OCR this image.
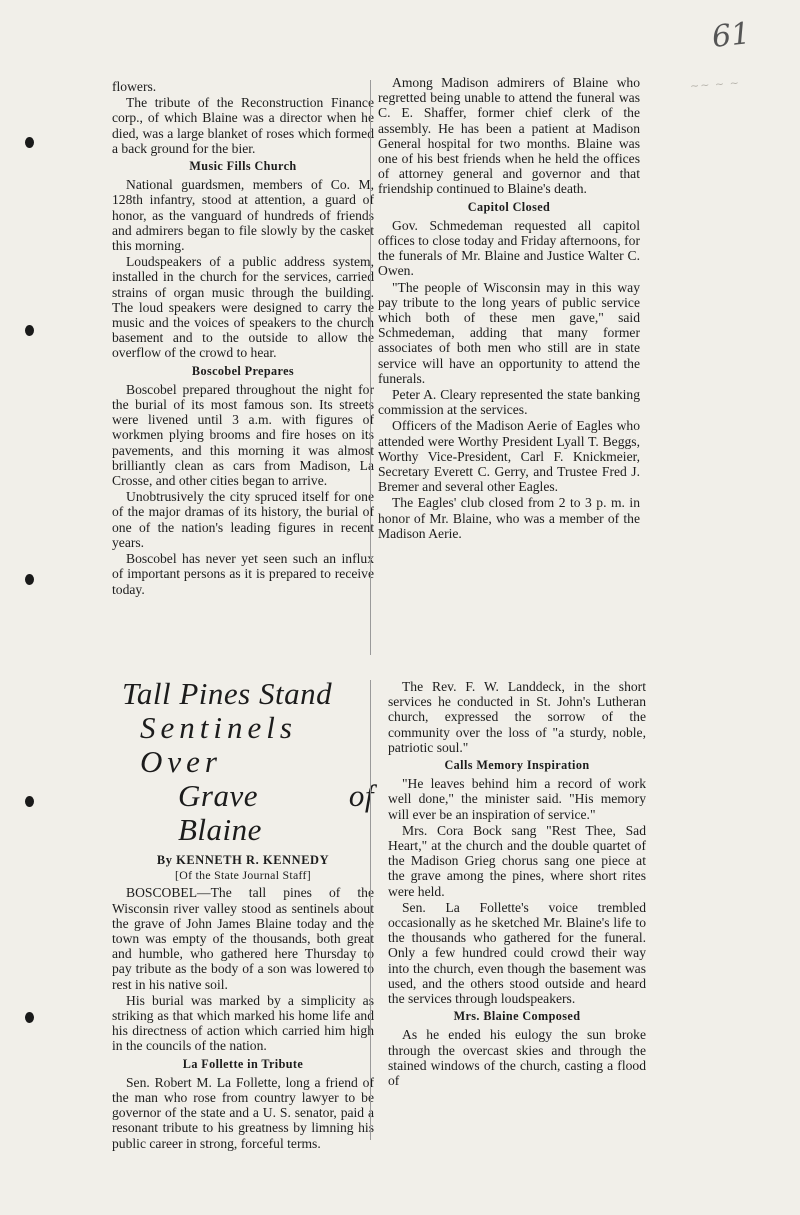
61
~~ ~ ~

flowers.

The tribute of the Reconstruction Finance corp., of which Blaine was a director when he died, was a large blanket of roses which formed a back ground for the bier.

Music Fills Church

National guardsmen, members of Co. M, 128th infantry, stood at attention, a guard of honor, as the vanguard of hundreds of friends and admirers began to file slowly by the casket this morning.

Loudspeakers of a public address system, installed in the church for the services, carried strains of organ music through the building. The loud speakers were designed to carry the music and the voices of speakers to the church basement and to the outside to allow the overflow of the crowd to hear.

Boscobel Prepares

Boscobel prepared throughout the night for the burial of its most famous son. Its streets were livened until 3 a.m. with figures of workmen plying brooms and fire hoses on its pavements, and this morning it was almost brilliantly clean as cars from Madison, La Crosse, and other cities began to arrive.

Unobtrusively the city spruced itself for one of the major dramas of its history, the burial of one of the nation's leading figures in recent years.

Boscobel has never yet seen such an influx of important persons as it is prepared to receive today.

Among Madison admirers of Blaine who regretted being unable to attend the funeral was C. E. Shaffer, former chief clerk of the assembly. He has been a patient at Madison General hospital for two months. Blaine was one of his best friends when he held the offices of attorney general and governor and that friendship continued to Blaine's death.

Capitol Closed

Gov. Schmedeman requested all capitol offices to close today and Friday afternoons, for the funerals of Mr. Blaine and Justice Walter C. Owen.

"The people of Wisconsin may in this way pay tribute to the long years of public service which both of these men gave," said Schmedeman, adding that many former associates of both men who still are in state service will have an opportunity to attend the funerals.

Peter A. Cleary represented the state banking commission at the services.

Officers of the Madison Aerie of Eagles who attended were Worthy President Lyall T. Beggs, Worthy Vice-President, Carl F. Knickmeier, Secretary Everett C. Gerry, and Trustee Fred J. Bremer and several other Eagles.

The Eagles' club closed from 2 to 3 p. m. in honor of Mr. Blaine, who was a member of the Madison Aerie.

Tall Pines Stand
Sentinels Over
Grave of Blaine
By KENNETH R. KENNEDY
[Of the State Journal Staff]

BOSCOBEL—The tall pines of the Wisconsin river valley stood as sentinels about the grave of John James Blaine today and the town was empty of the thousands, both great and humble, who gathered here Thursday to pay tribute as the body of a son was lowered to rest in his native soil.

His burial was marked by a simplicity as striking as that which marked his home life and his directness of action which carried him high in the councils of the nation.

La Follette in Tribute

Sen. Robert M. La Follette, long a friend of the man who rose from country lawyer to be governor of the state and a U. S. senator, paid a resonant tribute to his greatness by limning his public career in strong, forceful terms.

The Rev. F. W. Landdeck, in the short services he conducted in St. John's Lutheran church, expressed the sorrow of the community over the loss of "a sturdy, noble, patriotic soul."

Calls Memory Inspiration

"He leaves behind him a record of work well done," the minister said. "His memory will ever be an inspiration of service."

Mrs. Cora Bock sang "Rest Thee, Sad Heart," at the church and the double quartet of the Madison Grieg chorus sang one piece at the grave among the pines, where short rites were held.

Sen. La Follette's voice trembled occasionally as he sketched Mr. Blaine's life to the thousands who gathered for the funeral. Only a few hundred could crowd their way into the church, even though the basement was used, and the others stood outside and heard the services through loudspeakers.

Mrs. Blaine Composed

As he ended his eulogy the sun broke through the overcast skies and through the stained windows of the church, casting a flood of
